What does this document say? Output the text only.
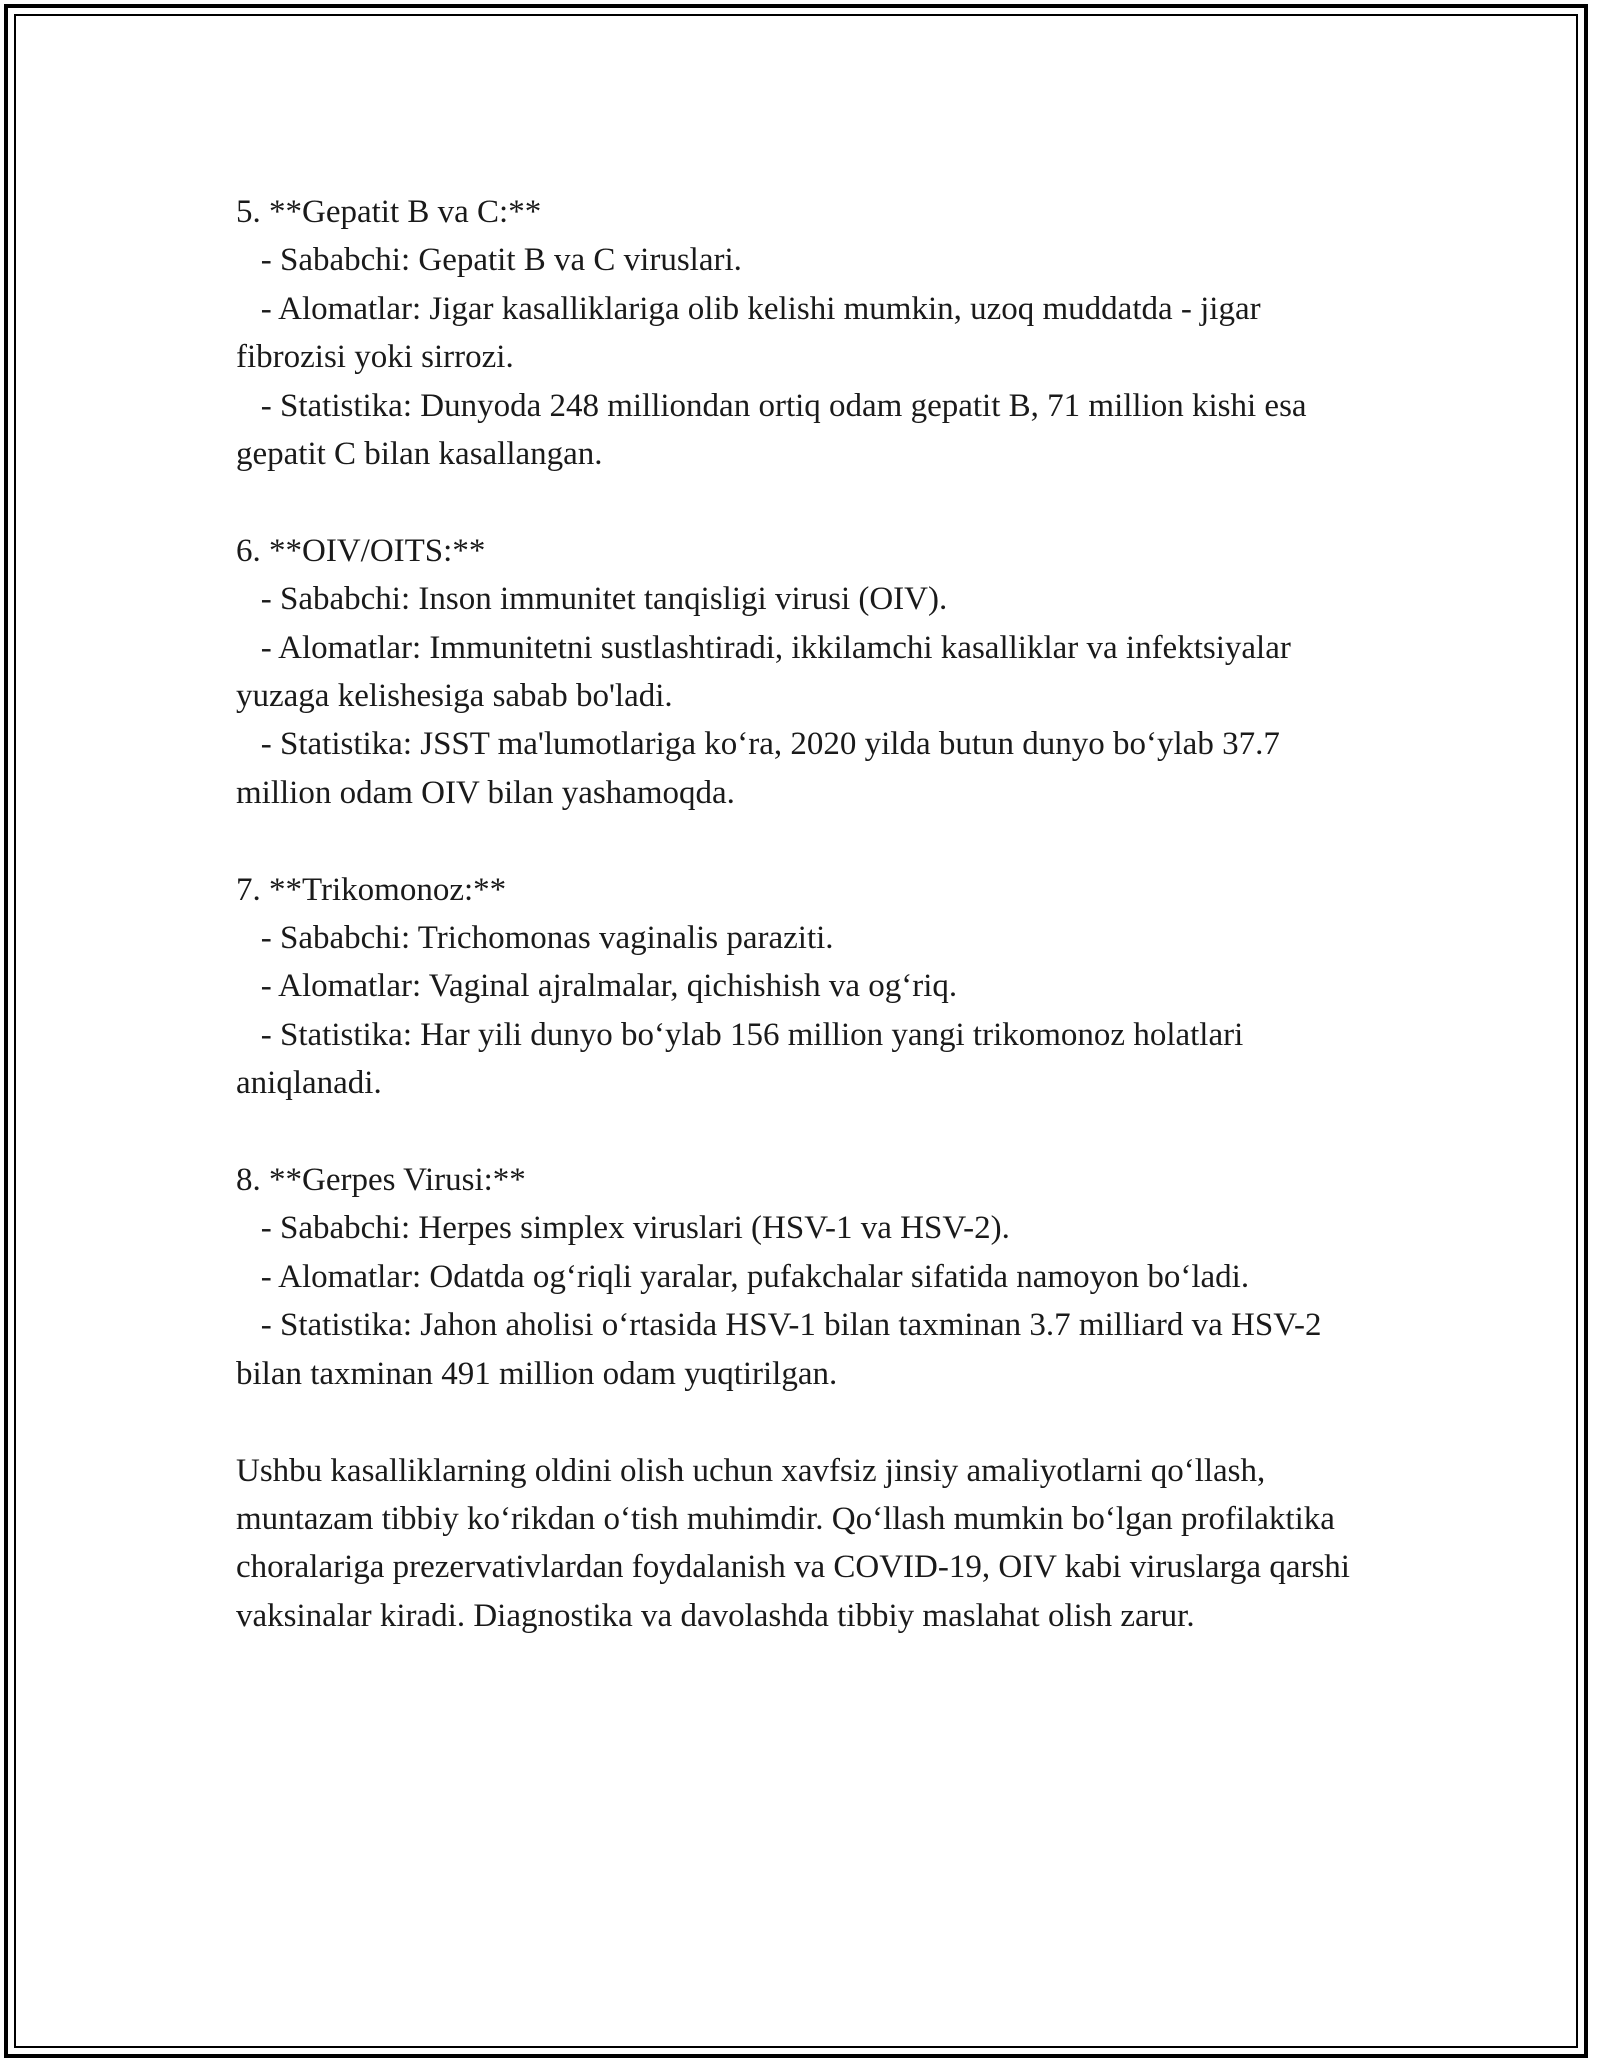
5. **Gepatit B va C:**
- Sababchi: Gepatit B va C viruslari.
- Alomatlar: Jigar kasalliklariga olib kelishi mumkin, uzoq muddatda - jigar fibrozisi yoki sirrozi.
- Statistika: Dunyoda 248 milliondan ortiq odam gepatit B, 71 million kishi esa gepatit C bilan kasallangan.
6. **OIV/OITS:**
- Sababchi: Inson immunitet tanqisligi virusi (OIV).
- Alomatlar: Immunitetni sustlashtiradi, ikkilamchi kasalliklar va infektsiyalar yuzaga kelishesiga sabab bo'ladi.
- Statistika: JSST ma'lumotlariga koʻra, 2020 yilda butun dunyo boʻylab 37.7 million odam OIV bilan yashamoqda.
7. **Trikomonoz:**
- Sababchi: Trichomonas vaginalis paraziti.
- Alomatlar: Vaginal ajralmalar, qichishish va ogʻriq.
- Statistika: Har yili dunyo boʻylab 156 million yangi trikomonoz holatlari aniqlanadi.
8. **Gerpes Virusi:**
- Sababchi: Herpes simplex viruslari (HSV-1 va HSV-2).
- Alomatlar: Odatda ogʻriqli yaralar, pufakchalar sifatida namoyon boʻladi.
- Statistika: Jahon aholisi oʻrtasida HSV-1 bilan taxminan 3.7 milliard va HSV-2 bilan taxminan 491 million odam yuqtirilgan.

Ushbu kasalliklarning oldini olish uchun xavfsiz jinsiy amaliyotlarni qoʻllash, muntazam tibbiy koʻrikdan oʻtish muhimdir. Qoʻllash mumkin boʻlgan profilaktika choralariga prezervativlardan foydalanish va COVID-19, OIV kabi viruslarga qarshi vaksinalar kiradi. Diagnostika va davolashda tibbiy maslahat olish zarur.
